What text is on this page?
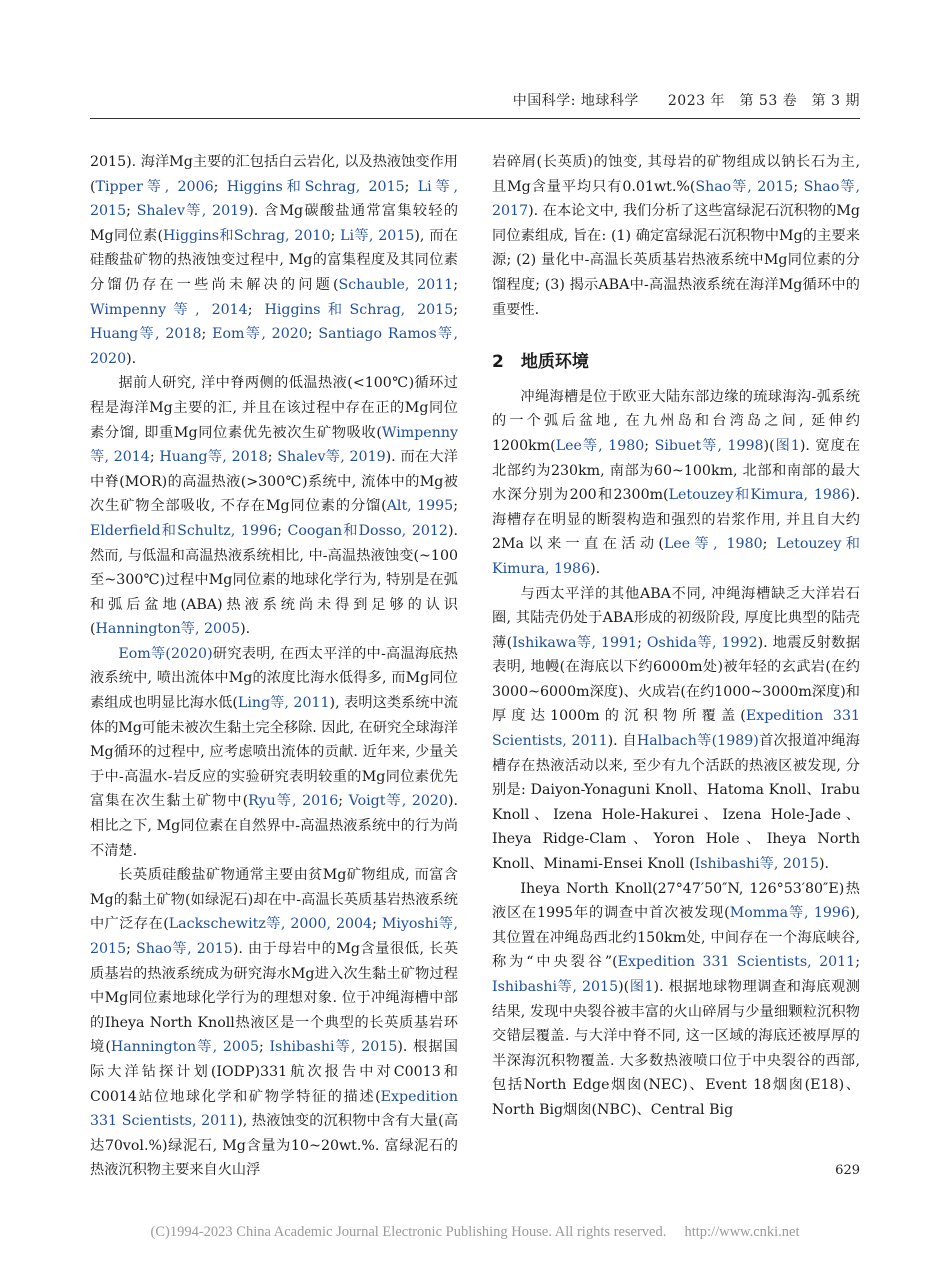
中国科学: 地球科学　　2023 年　第 53 卷　第 3 期

2015). 海洋Mg主要的汇包括白云岩化, 以及热液蚀变作用(Tipper等, 2006; Higgins和Schrag, 2015; Li等, 2015; Shalev等, 2019). 含Mg碳酸盐通常富集较轻的Mg同位素(Higgins和Schrag, 2010; Li等, 2015), 而在硅酸盐矿物的热液蚀变过程中, Mg的富集程度及其同位素分馏仍存在一些尚未解决的问题(Schauble, 2011; Wimpenny等, 2014; Higgins和Schrag, 2015; Huang等, 2018; Eom等, 2020; Santiago Ramos等, 2020).

据前人研究, 洋中脊两侧的低温热液(<100℃)循环过程是海洋Mg主要的汇, 并且在该过程中存在正的Mg同位素分馏, 即重Mg同位素优先被次生矿物吸收(Wimpenny等, 2014; Huang等, 2018; Shalev等, 2019). 而在大洋中脊(MOR)的高温热液(>300℃)系统中, 流体中的Mg被次生矿物全部吸收, 不存在Mg同位素的分馏(Alt, 1995; Elderfield和Schultz, 1996; Coogan和Dosso, 2012). 然而, 与低温和高温热液系统相比, 中-高温热液蚀变(~100至~300℃)过程中Mg同位素的地球化学行为, 特别是在弧和弧后盆地(ABA)热液系统尚未得到足够的认识(Hannington等, 2005).

Eom等(2020)研究表明, 在西太平洋的中-高温海底热液系统中, 喷出流体中Mg的浓度比海水低得多, 而Mg同位素组成也明显比海水低(Ling等, 2011), 表明这类系统中流体的Mg可能未被次生黏土完全移除. 因此, 在研究全球海洋Mg循环的过程中, 应考虑喷出流体的贡献. 近年来, 少量关于中-高温水-岩反应的实验研究表明较重的Mg同位素优先富集在次生黏土矿物中(Ryu等, 2016; Voigt等, 2020). 相比之下, Mg同位素在自然界中-高温热液系统中的行为尚不清楚.

长英质硅酸盐矿物通常主要由贫Mg矿物组成, 而富含Mg的黏土矿物(如绿泥石)却在中-高温长英质基岩热液系统中广泛存在(Lackschewitz等, 2000, 2004; Miyoshi等, 2015; Shao等, 2015). 由于母岩中的Mg含量很低, 长英质基岩的热液系统成为研究海水Mg进入次生黏土矿物过程中Mg同位素地球化学行为的理想对象. 位于冲绳海槽中部的Iheya North Knoll热液区是一个典型的长英质基岩环境(Hannington等, 2005; Ishibashi等, 2015). 根据国际大洋钻探计划(IODP)331航次报告中对C0013和C0014站位地球化学和矿物学特征的描述(Expedition 331 Scientists, 2011), 热液蚀变的沉积物中含有大量(高达70vol.%)绿泥石, Mg含量为10~20wt.%. 富绿泥石的热液沉积物主要来自火山浮

岩碎屑(长英质)的蚀变, 其母岩的矿物组成以钠长石为主, 且Mg含量平均只有0.01wt.%(Shao等, 2015; Shao等, 2017). 在本论文中, 我们分析了这些富绿泥石沉积物的Mg同位素组成, 旨在: (1) 确定富绿泥石沉积物中Mg的主要来源; (2) 量化中-高温长英质基岩热液系统中Mg同位素的分馏程度; (3) 揭示ABA中-高温热液系统在海洋Mg循环中的重要性.

2　地质环境

冲绳海槽是位于欧亚大陆东部边缘的琉球海沟-弧系统的一个弧后盆地, 在九州岛和台湾岛之间, 延伸约1200km(Lee等, 1980; Sibuet等, 1998)(图1). 宽度在北部约为230km, 南部为60~100km, 北部和南部的最大水深分别为200和2300m(Letouzey和Kimura, 1986). 海槽存在明显的断裂构造和强烈的岩浆作用, 并且自大约2Ma以来一直在活动(Lee等, 1980; Letouzey和Kimura, 1986).

与西太平洋的其他ABA不同, 冲绳海槽缺乏大洋岩石圈, 其陆壳仍处于ABA形成的初级阶段, 厚度比典型的陆壳薄(Ishikawa等, 1991; Oshida等, 1992). 地震反射数据表明, 地幔(在海底以下约6000m处)被年轻的玄武岩(在约3000~6000m深度)、火成岩(在约1000~3000m深度)和厚度达1000m的沉积物所覆盖(Expedition 331 Scientists, 2011). 自Halbach等(1989)首次报道冲绳海槽存在热液活动以来, 至少有九个活跃的热液区被发现, 分别是: Daiyon-Yonaguni Knoll、Hatoma Knoll、Irabu Knoll、Izena Hole-Hakurei、Izena Hole-Jade、Iheya Ridge-Clam、Yoron Hole、Iheya North Knoll、Minami-Ensei Knoll (Ishibashi等, 2015).

Iheya North Knoll(27°47′50″N, 126°53′80″E)热液区在1995年的调查中首次被发现(Momma等, 1996), 其位置在冲绳岛西北约150km处, 中间存在一个海底峡谷, 称为“中央裂谷”(Expedition 331 Scientists, 2011; Ishibashi等, 2015)(图1). 根据地球物理调查和海底观测结果, 发现中央裂谷被丰富的火山碎屑与少量细颗粒沉积物交错层覆盖. 与大洋中脊不同, 这一区域的海底还被厚厚的半深海沉积物覆盖. 大多数热液喷口位于中央裂谷的西部, 包括North Edge烟囱(NEC)、Event 18烟囱(E18)、North Big烟囱(NBC)、Central Big

629
(C)1994-2023 China Academic Journal Electronic Publishing House. All rights reserved.　 http://www.cnki.net
